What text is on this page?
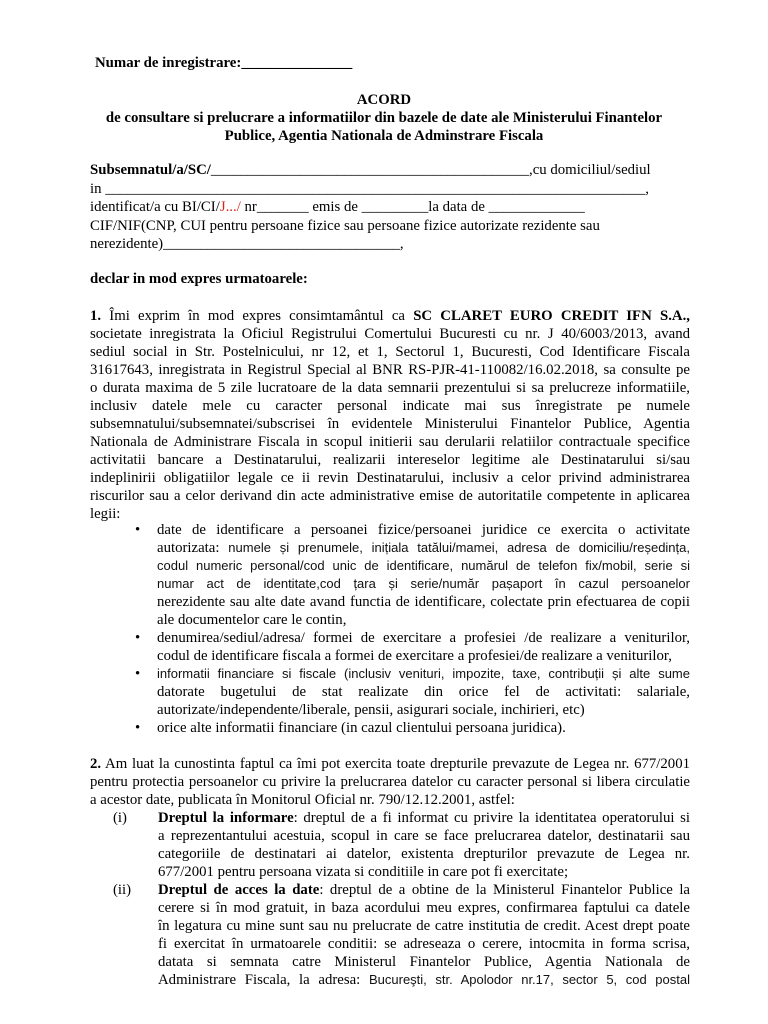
Numar de inregistrare:_______________
ACORD
de consultare si prelucrare a informatiilor din bazele de date ale Ministerului Finantelor
Publice, Agentia Nationala de Adminstrare Fiscala
Subsemnatul/a/SC/___________________________________________,cu domiciliul/sediul
in _________________________________________________________________________,
identificat/a cu BI/CI/J.../ nr_______ emis de _________la data de _____________
CIF/NIF(CNP, CUI pentru persoane fizice sau persoane fizice autorizate rezidente sau
nerezidente)________________________________,
declar in mod expres urmatoarele:
1. Îmi exprim în mod expres consimtamântul ca SC CLARET EURO CREDIT IFN S.A.,
societate inregistrata la Oficiul Registrului Comertului Bucuresti cu nr. J 40/6003/2013, avand
sediul social in Str. Postelnicului, nr 12, et 1, Sectorul 1, Bucuresti, Cod Identificare Fiscala
31617643, inregistrata in Registrul Special al BNR RS-PJR-41-110082/16.02.2018, sa consulte pe
o durata maxima de 5 zile lucratoare de la data semnarii prezentului si sa prelucreze informatiile,
inclusiv datele mele cu caracter personal indicate mai sus înregistrate pe numele
subsemnatului/subsemnatei/subscrisei în evidentele Ministerului Finantelor Publice, Agentia
Nationala de Administrare Fiscala in scopul initierii sau derularii relatiilor contractuale specifice
activitatii bancare a Destinatarului, realizarii intereselor legitime ale Destinatarului si/sau
indeplinirii obligatiilor legale ce ii revin Destinatarului, inclusiv a celor privind administrarea
riscurilor sau a celor derivand din acte administrative emise de autoritatile competente in aplicarea
legii:
• date de identificare a persoanei fizice/persoanei juridice ce exercita o activitate
autorizata: numele și prenumele, inițiala tatălui/mamei, adresa de domiciliu/reședința,
codul numeric personal/cod unic de identificare, numărul de telefon fix/mobil, serie si
numar act de identitate,cod țara și serie/număr pașaport în cazul persoanelor
nerezidente sau alte date avand functia de identificare, colectate prin efectuarea de copii
ale documentelor care le contin,
• denumirea/sediul/adresa/ formei de exercitare a profesiei /de realizare a veniturilor,
codul de identificare fiscala a formei de exercitare a profesiei/de realizare a veniturilor,
• informatii financiare si fiscale (inclusiv venituri, impozite, taxe, contribuții și alte sume
datorate bugetului de stat realizate din orice fel de activitati: salariale,
autorizate/independente/liberale, pensii, asigurari sociale, inchirieri, etc)
• orice alte informatii financiare (in cazul clientului persoana juridica).
2. Am luat la cunostinta faptul ca îmi pot exercita toate drepturile prevazute de Legea nr. 677/2001
pentru protectia persoanelor cu privire la prelucrarea datelor cu caracter personal si libera circulatie
a acestor date, publicata în Monitorul Oficial nr. 790/12.12.2001, astfel:
(i) Dreptul la informare: dreptul de a fi informat cu privire la identitatea operatorului si
a reprezentantului acestuia, scopul in care se face prelucrarea datelor, destinatarii sau
categoriile de destinatari ai datelor, existenta drepturilor prevazute de Legea nr.
677/2001 pentru persoana vizata si conditiile in care pot fi exercitate;
(ii) Dreptul de acces la date: dreptul de a obtine de la Ministerul Finantelor Publice la
cerere si în mod gratuit, in baza acordului meu expres, confirmarea faptului ca datele
în legatura cu mine sunt sau nu prelucrate de catre institutia de credit. Acest drept poate
fi exercitat în urmatoarele conditii: se adreseaza o cerere, intocmita in forma scrisa,
datata si semnata catre Ministerul Finantelor Publice, Agentia Nationala de
Administrare Fiscala, la adresa: Bucureşti, str. Apolodor nr.17, sector 5, cod postal
